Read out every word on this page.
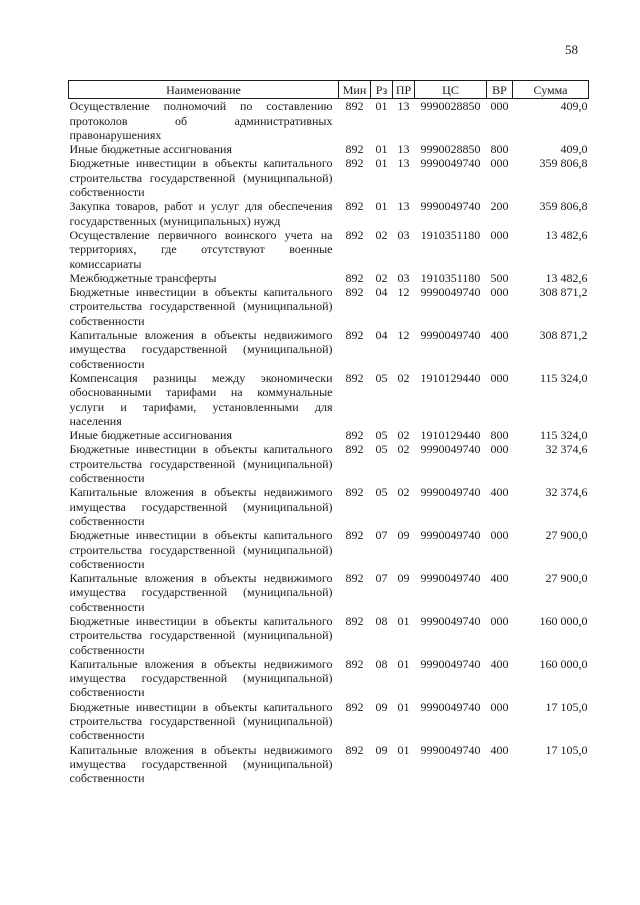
58
Наименование	Мин	Рз	ПР	ЦС	ВР	Сумма
Осуществление полномочий по составлению протоколов об административных правонарушениях	892	01	13	9990028850	000	409,0
Иные бюджетные ассигнования	892	01	13	9990028850	800	409,0
Бюджетные инвестиции в объекты капитального строительства государственной (муниципальной) собственности	892	01	13	9990049740	000	359 806,8
Закупка товаров, работ и услуг для обеспечения государственных (муниципальных) нужд	892	01	13	9990049740	200	359 806,8
Осуществление первичного воинского учета на территориях, где отсутствуют военные комиссариаты	892	02	03	1910351180	000	13 482,6
Межбюджетные трансферты	892	02	03	1910351180	500	13 482,6
Бюджетные инвестиции в объекты капитального строительства государственной (муниципальной) собственности	892	04	12	9990049740	000	308 871,2
Капитальные вложения в объекты недвижимого имущества государственной (муниципальной) собственности	892	04	12	9990049740	400	308 871,2
Компенсация разницы между экономически обоснованными тарифами на коммунальные услуги и тарифами, установленными для населения	892	05	02	1910129440	000	115 324,0
Иные бюджетные ассигнования	892	05	02	1910129440	800	115 324,0
Бюджетные инвестиции в объекты капитального строительства государственной (муниципальной) собственности	892	05	02	9990049740	000	32 374,6
Капитальные вложения в объекты недвижимого имущества государственной (муниципальной) собственности	892	05	02	9990049740	400	32 374,6
Бюджетные инвестиции в объекты капитального строительства государственной (муниципальной) собственности	892	07	09	9990049740	000	27 900,0
Капитальные вложения в объекты недвижимого имущества государственной (муниципальной) собственности	892	07	09	9990049740	400	27 900,0
Бюджетные инвестиции в объекты капитального строительства государственной (муниципальной) собственности	892	08	01	9990049740	000	160 000,0
Капитальные вложения в объекты недвижимого имущества государственной (муниципальной) собственности	892	08	01	9990049740	400	160 000,0
Бюджетные инвестиции в объекты капитального строительства государственной (муниципальной) собственности	892	09	01	9990049740	000	17 105,0
Капитальные вложения в объекты недвижимого имущества государственной (муниципальной) собственности	892	09	01	9990049740	400	17 105,0
